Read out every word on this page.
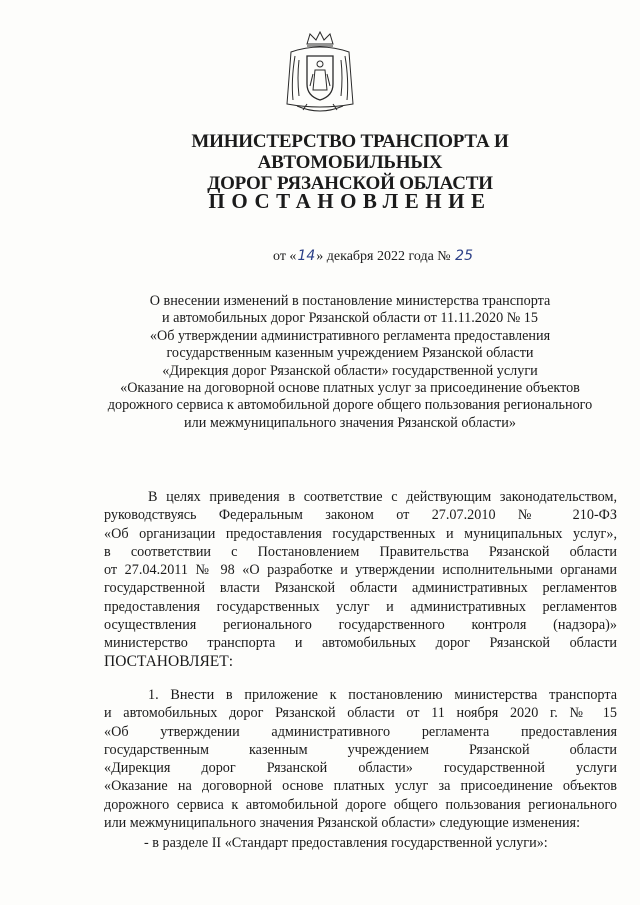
МИНИСТЕРСТВО ТРАНСПОРТА И АВТОМОБИЛЬНЫХ
ДОРОГ РЯЗАНСКОЙ ОБЛАСТИ
ПОСТАНОВЛЕНИЕ
от «14» декабря 2022 года № 25
О внесении изменений в постановление министерства транспорта
и автомобильных дорог Рязанской области от 11.11.2020 № 15
«Об утверждении административного регламента предоставления
государственным казенным учреждением Рязанской области
«Дирекция дорог Рязанской области» государственной услуги
«Оказание на договорной основе платных услуг за присоединение объектов
дорожного сервиса к автомобильной дороге общего пользования регионального
или межмуниципального значения Рязанской области»
В целях приведения в соответствие с действующим законодательством,
руководствуясь Федеральным законом от 27.07.2010 № 210-ФЗ
«Об организации предоставления государственных и муниципальных услуг»,
в соответствии с Постановлением Правительства Рязанской области
от 27.04.2011 № 98 «О разработке и утверждении исполнительными органами
государственной власти Рязанской области административных регламентов
предоставления государственных услуг и административных регламентов
осуществления регионального государственного контроля (надзора)»
министерство транспорта и автомобильных дорог Рязанской области
ПОСТАНОВЛЯЕТ:
1. Внести в приложение к постановлению министерства транспорта
и автомобильных дорог Рязанской области от 11 ноября 2020 г. № 15
«Об утверждении административного регламента предоставления
государственным казенным учреждением Рязанской области
«Дирекция дорог Рязанской области» государственной услуги
«Оказание на договорной основе платных услуг за присоединение объектов
дорожного сервиса к автомобильной дороге общего пользования регионального
или межмуниципального значения Рязанской области» следующие изменения:
- в разделе II «Стандарт предоставления государственной услуги»:
